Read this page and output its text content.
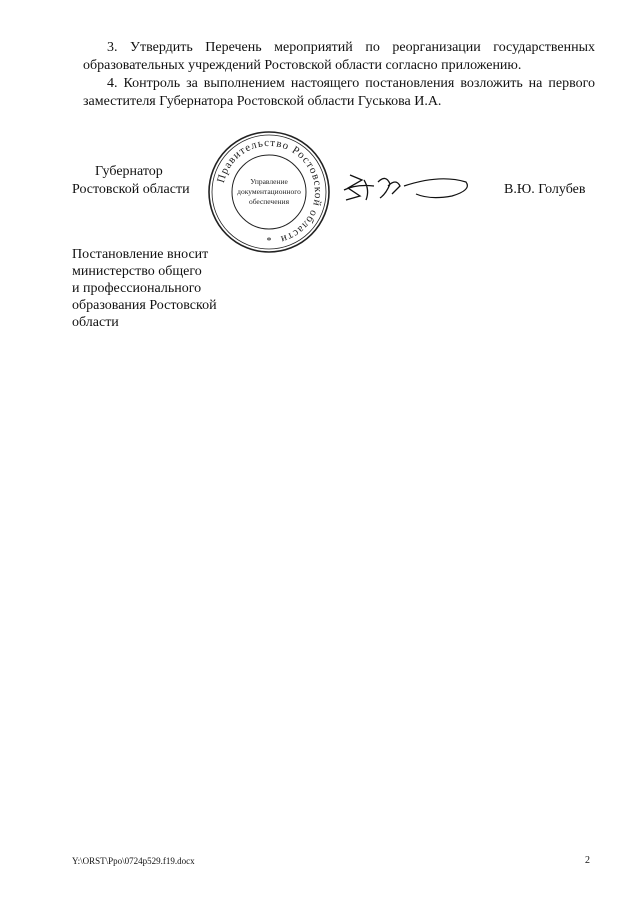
3. Утвердить Перечень мероприятий по реорганизации государственных образовательных учреждений Ростовской области согласно приложению.
4. Контроль за выполнением настоящего постановления возложить на первого заместителя Губернатора Ростовской области Гуськова И.А.
Губернатор
Ростовской области
Правительство Ростовской области
Управление
документационного
обеспечения
*
В.Ю. Голубев
Постановление вносит
министерство общего
и профессионального
образования Ростовской
области
Y:\ORST\Ppo\0724p529.f19.docx	2
